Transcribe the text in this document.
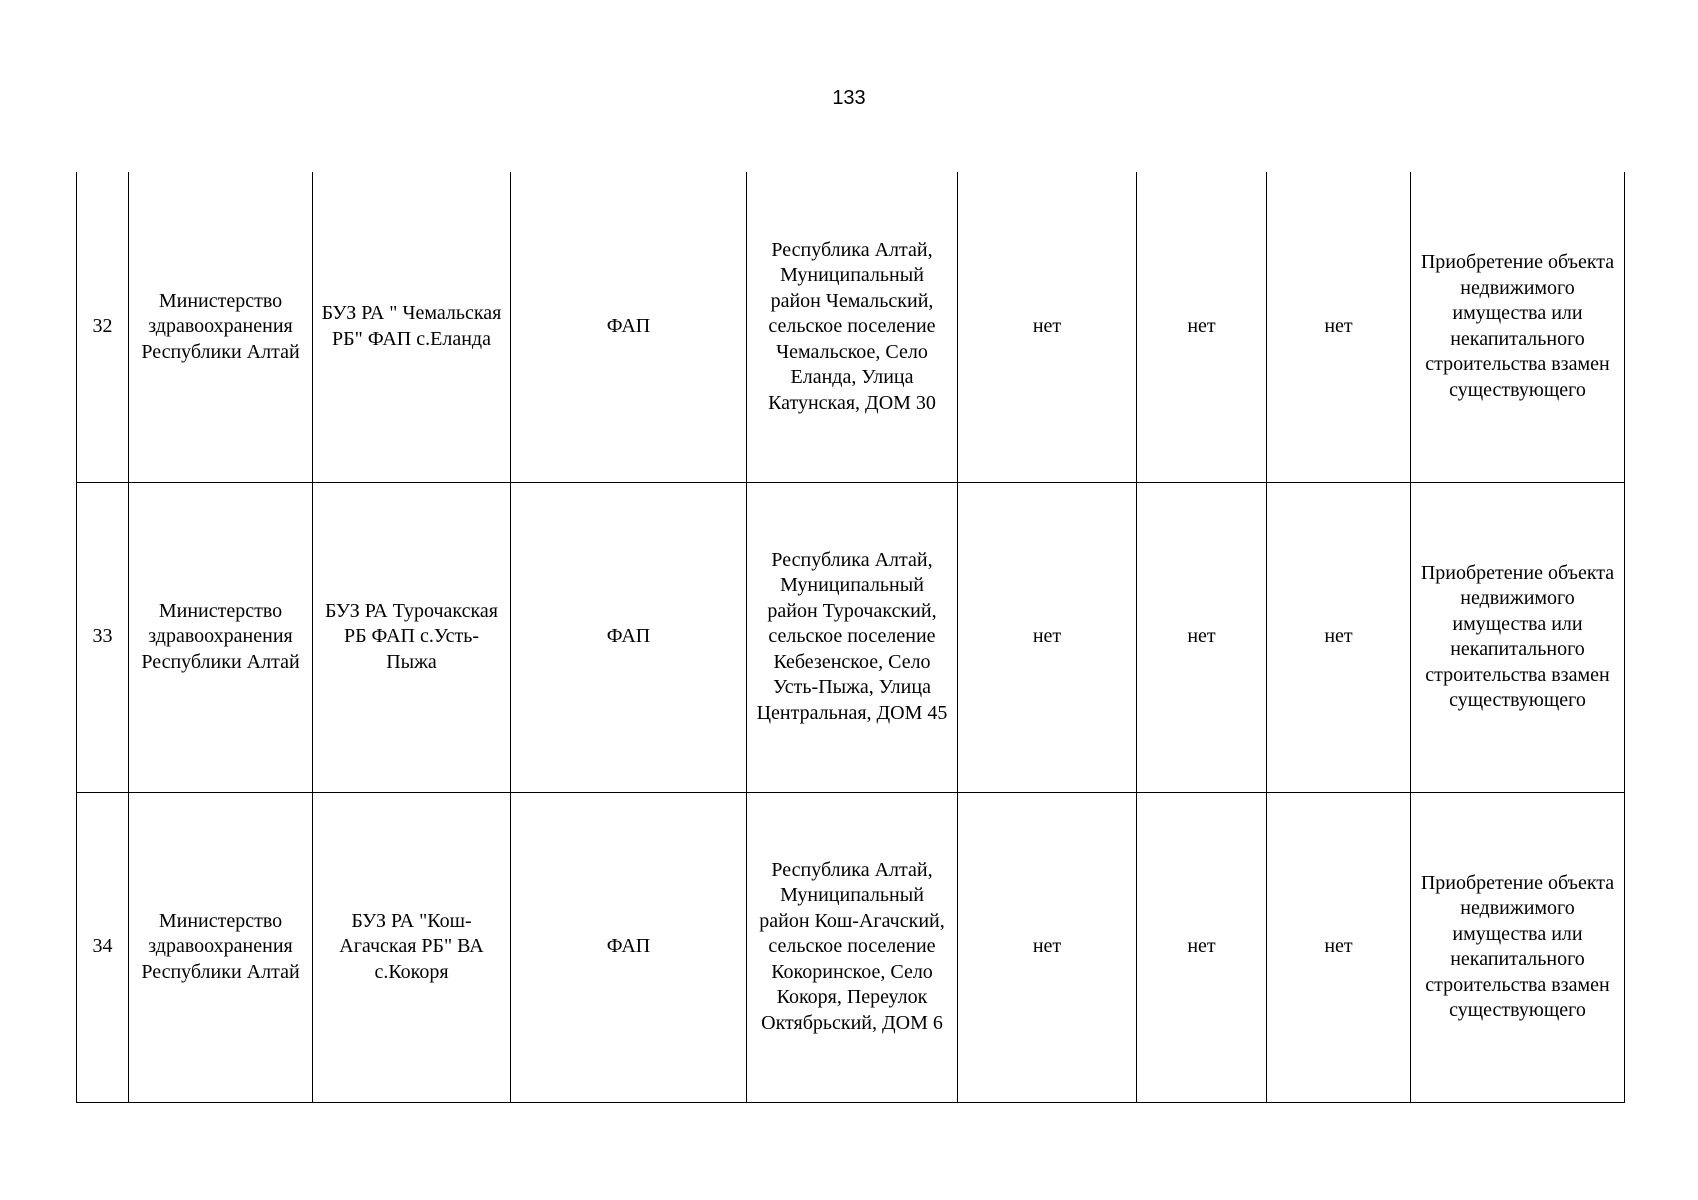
133
32	Министерство здравоохранения Республики Алтай	БУЗ РА " Чемальская РБ" ФАП с.Еланда	ФАП	Республика Алтай, Муниципальный район Чемальский, сельское поселение Чемальское, Село Еланда, Улица Катунская, ДОМ 30	нет	нет	нет	Приобретение объекта недвижимого имущества или некапитального строительства взамен существующего

33	Министерство здравоохранения Республики Алтай	БУЗ РА Турочакская РБ ФАП с.Усть-Пыжа	ФАП	Республика Алтай, Муниципальный район Турочакский, сельское поселение Кебезенское, Село Усть-Пыжа, Улица Центральная, ДОМ 45	нет	нет	нет	Приобретение объекта недвижимого имущества или некапитального строительства взамен существующего

34	Министерство здравоохранения Республики Алтай	БУЗ РА "Кош-Агачская РБ" ВА с.Кокоря	ФАП	Республика Алтай, Муниципальный район Кош-Агачский, сельское поселение Кокоринское, Село Кокоря, Переулок Октябрьский, ДОМ 6	нет	нет	нет	Приобретение объекта недвижимого имущества или некапитального строительства взамен существующего
